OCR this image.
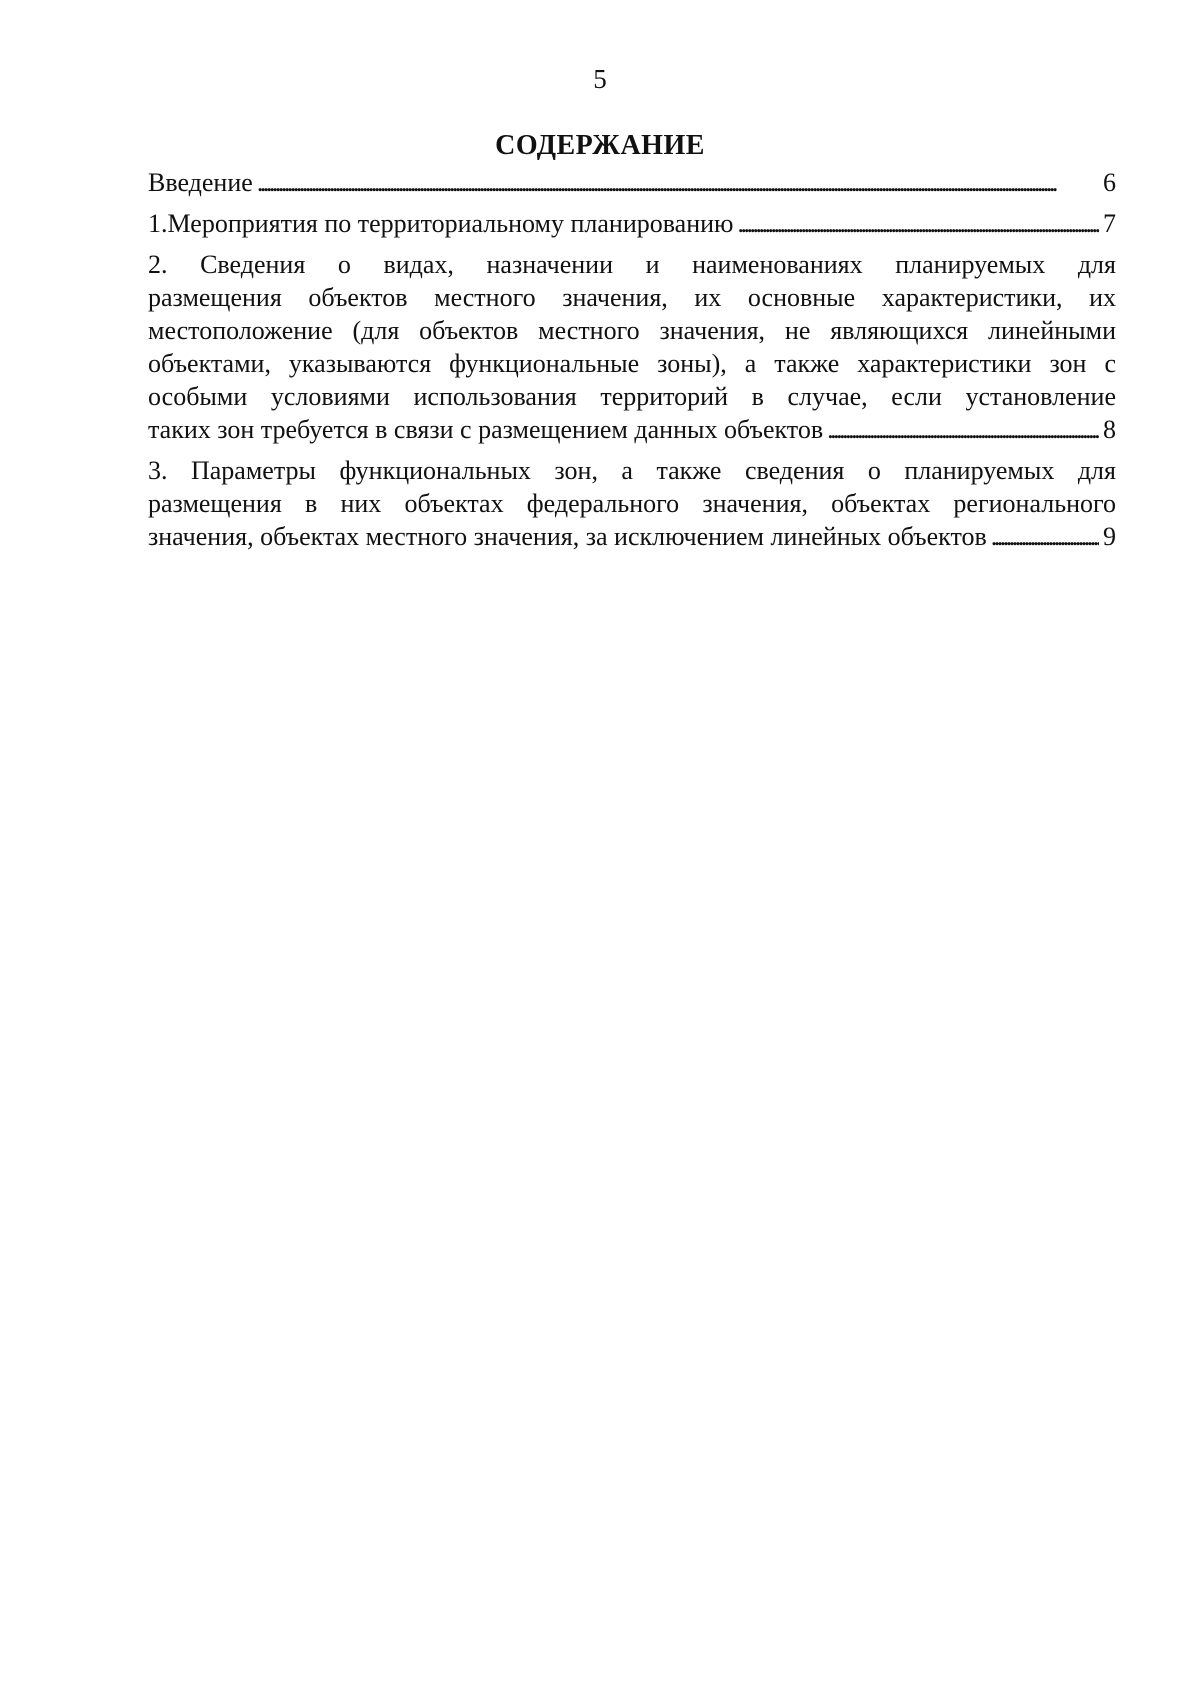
5
СОДЕРЖАНИЕ
Введение . . .	6
1. Мероприятия по территориальному планированию . . .	7
2. Сведения о видах, назначении и наименованиях планируемых для
размещения объектов местного значения, их основные характеристики, их
местоположение (для объектов местного значения, не являющихся линейными
объектами, указываются функциональные зоны), а также характеристики зон с
особыми условиями использования территорий в случае, если установление
таких зон требуется в связи с размещением данных объектов . . .	8
3. Параметры функциональных зон, а также сведения о планируемых для
размещения в них объектах федерального значения, объектах регионального
значения, объектах местного значения, за исключением линейных объектов . . .	9
